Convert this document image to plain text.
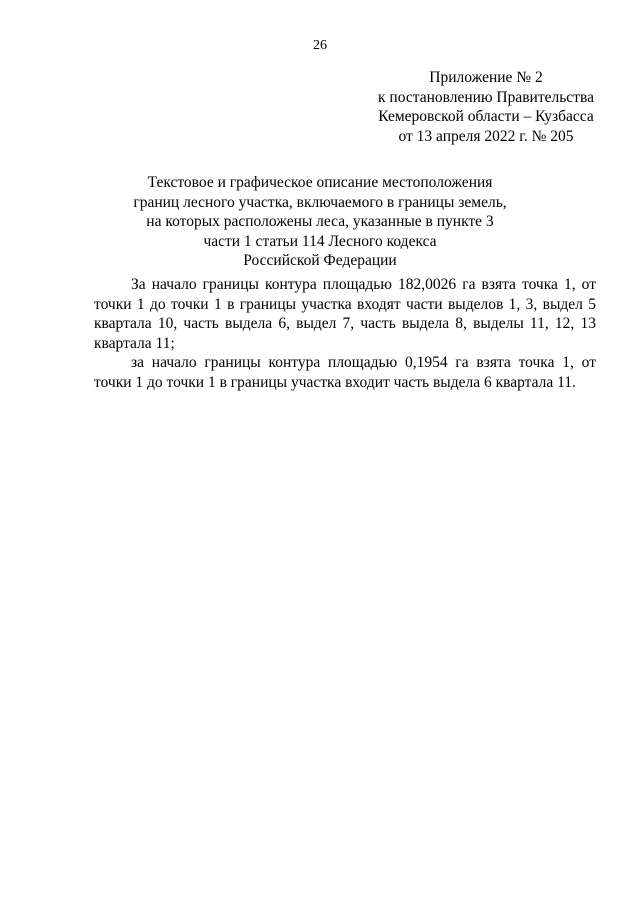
26
Приложение № 2
к постановлению Правительства
Кемеровской области – Кузбасса
от 13 апреля 2022 г. № 205
Текстовое и графическое описание местоположения
границ лесного участка, включаемого в границы земель,
на которых расположены леса, указанные в пункте 3
части 1 статьи 114 Лесного кодекса
Российской Федерации

За начало границы контура площадью 182,0026 га взята точка 1, от точки 1 до точки 1 в границы участка входят части выделов 1, 3, выдел 5 квартала 10, часть выдела 6, выдел 7, часть выдела 8, выделы 11, 12, 13 квартала 11;

за начало границы контура площадью 0,1954 га взята точка 1, от точки 1 до точки 1 в границы участка входит часть выдела 6 квартала 11.
